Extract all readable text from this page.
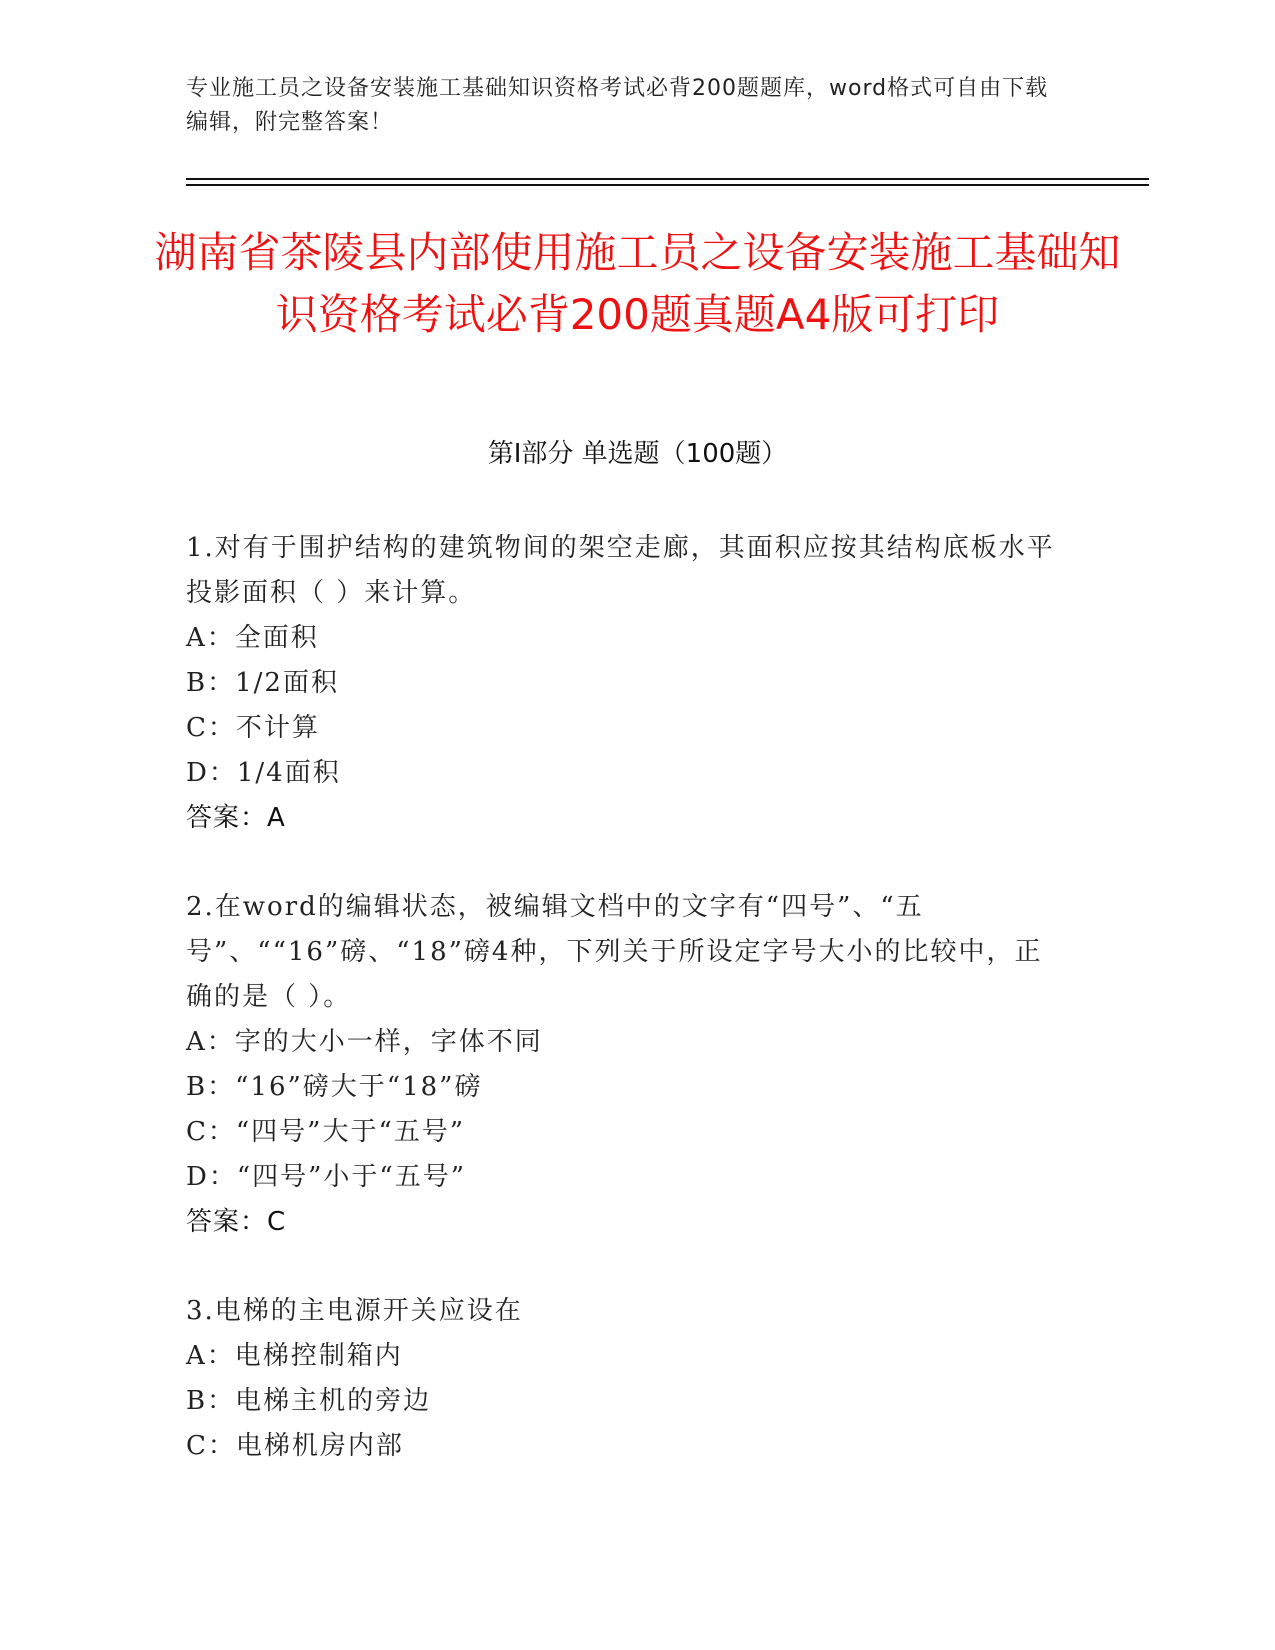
专业施工员之设备安装施工基础知识资格考试必背200题题库，word格式可自由下载编辑，附完整答案！
湖南省茶陵县内部使用施工员之设备安装施工基础知识资格考试必背200题真题A4版可打印
第Ⅰ部分 单选题（100题）
1.对有于围护结构的建筑物间的架空走廊，其面积应按其结构底板水平投影面积（ ）来计算。
A：全面积
B：1/2面积
C：不计算
D：1/4面积
答案：A
2.在word的编辑状态，被编辑文档中的文字有“四号”、“五号”、““16”磅、“18”磅4种，下列关于所设定字号大小的比较中，正确的是（ ）。
A：字的大小一样，字体不同
B：“16”磅大于“18”磅
C：“四号”大于“五号”
D：“四号”小于“五号”
答案：C
3.电梯的主电源开关应设在
A：电梯控制箱内
B：电梯主机的旁边
C：电梯机房内部
